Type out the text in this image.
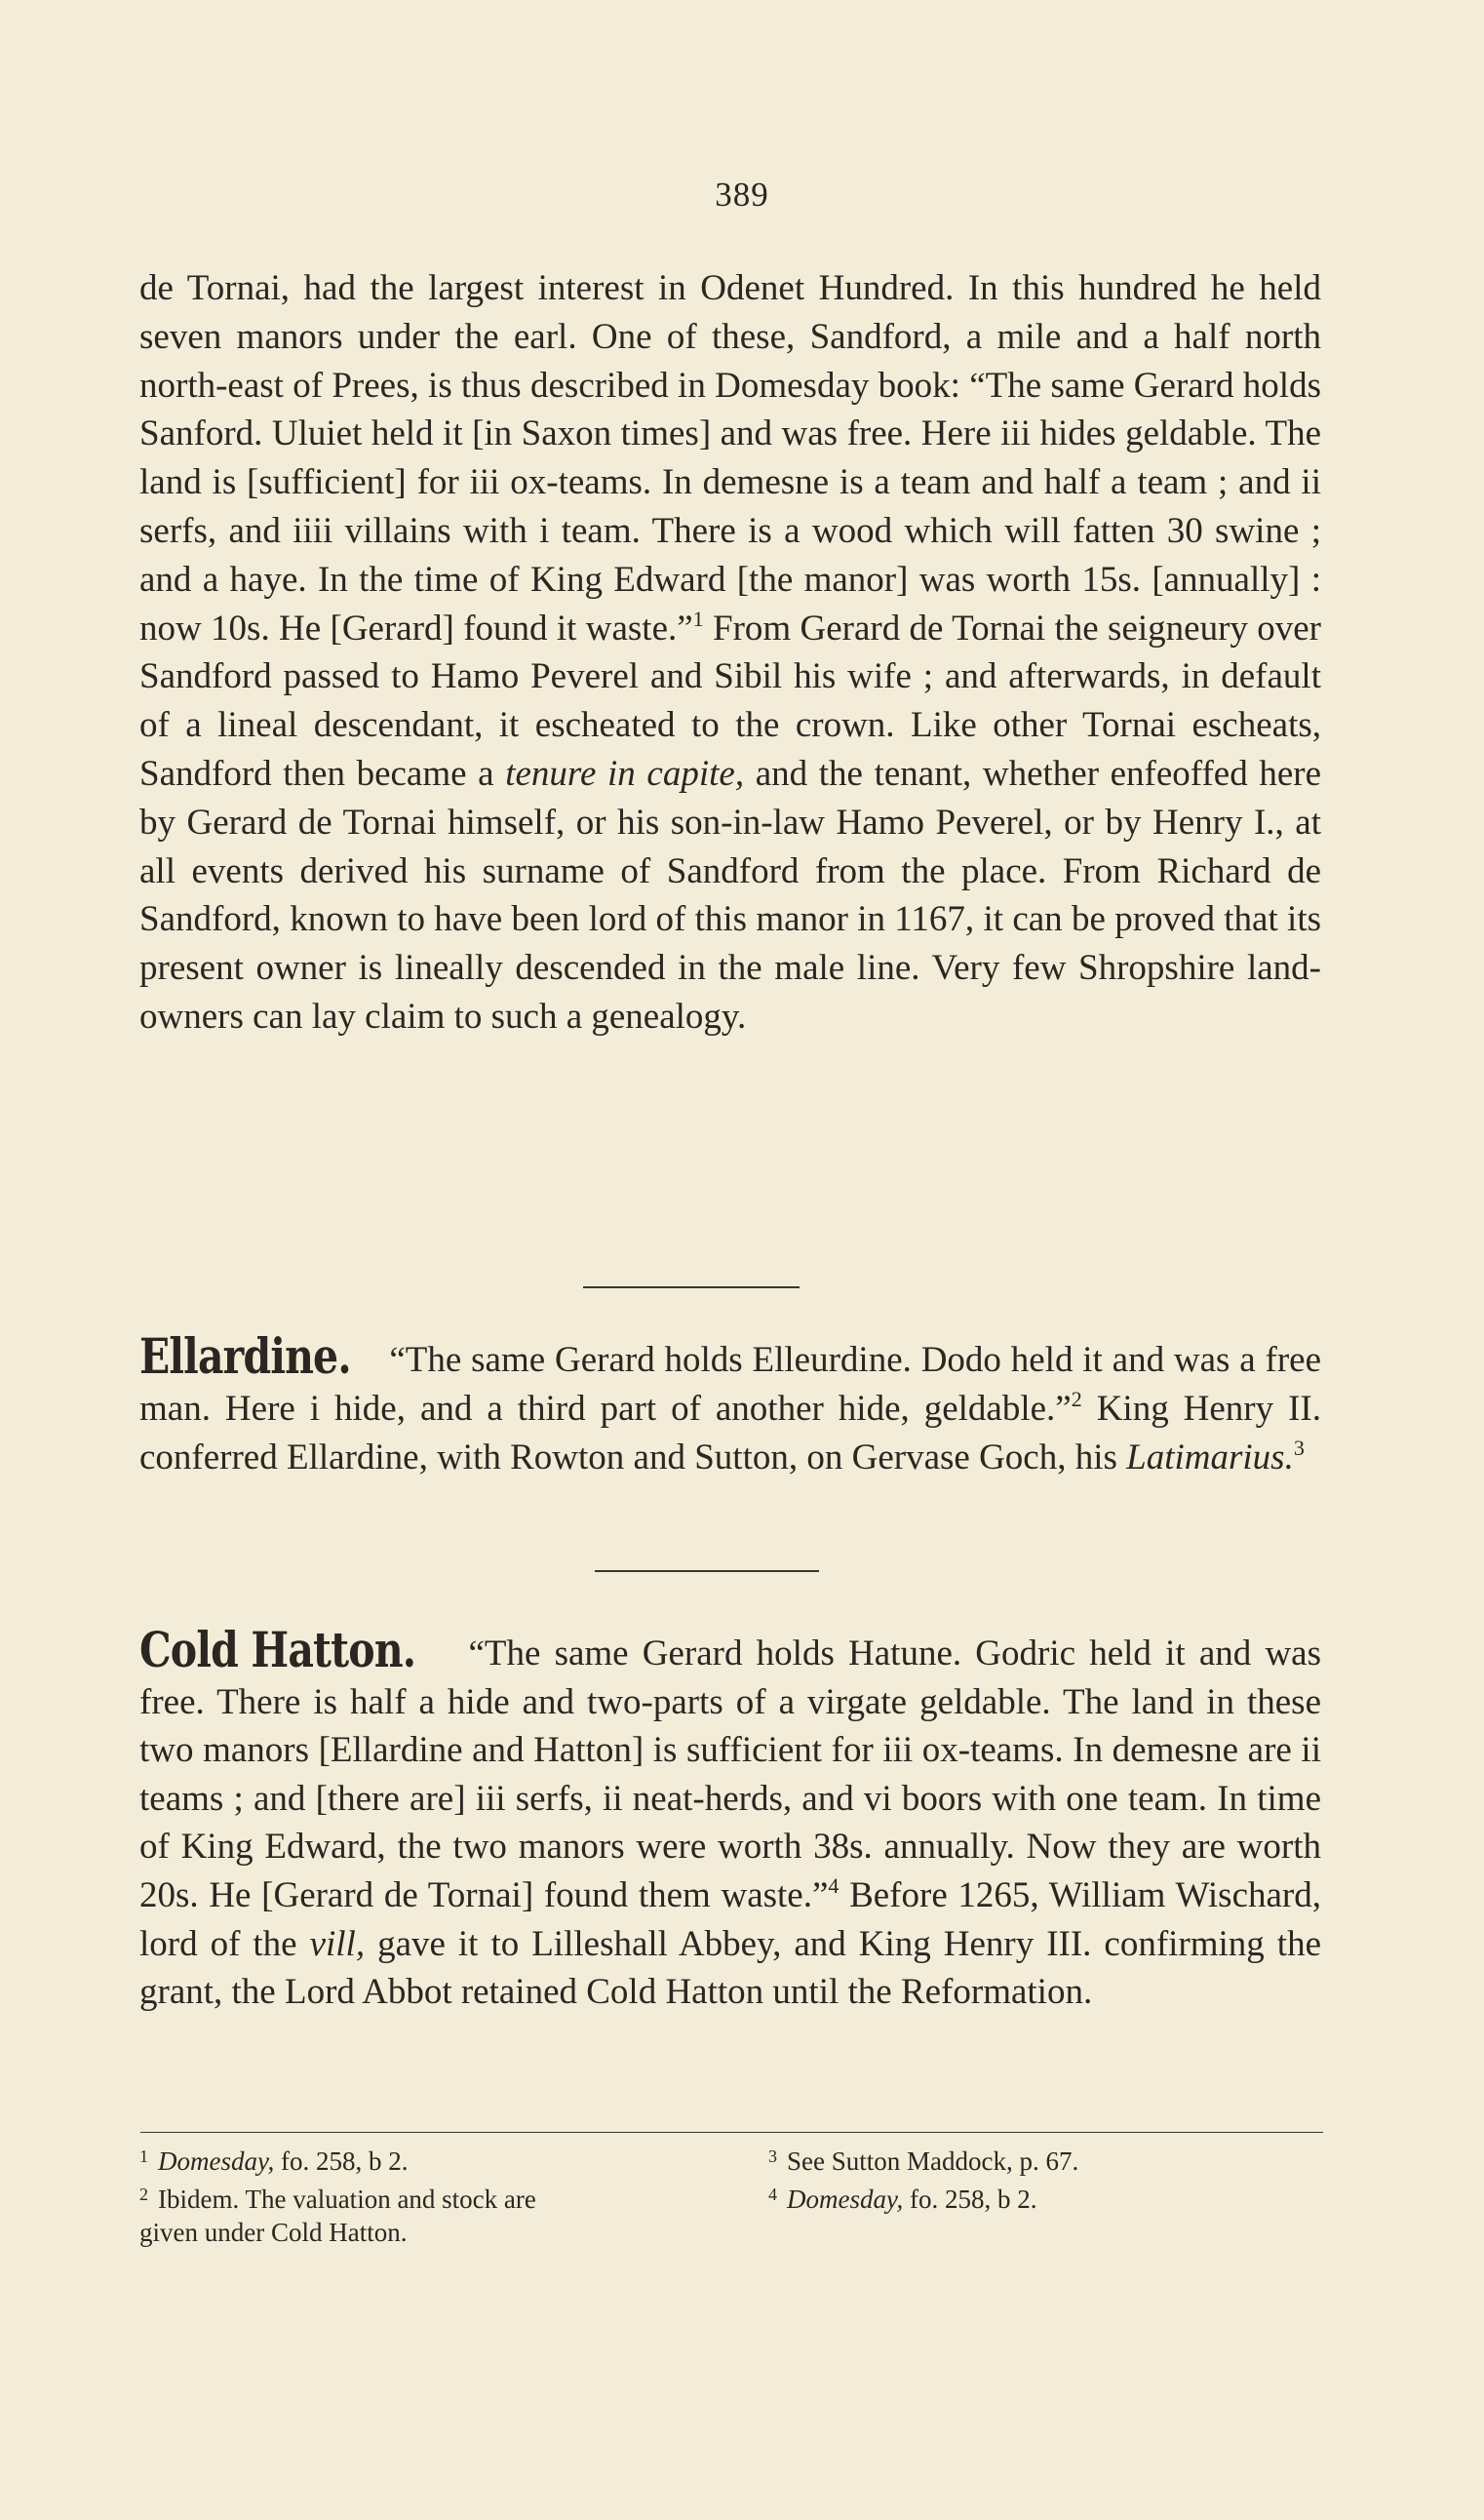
389
de Tornai, had the largest interest in Odenet Hundred. In this hundred he held seven manors under the earl. One of these, Sandford, a mile and a half north north-east of Prees, is thus described in Domesday book: “The same Gerard holds Sanford. Uluiet held it [in Saxon times] and was free. Here iii hides geldable. The land is [sufficient] for iii ox-teams. In demesne is a team and half a team ; and ii serfs, and iiii villains with i team. There is a wood which will fatten 30 swine ; and a haye. In the time of King Edward [the manor] was worth 15s. [annually] : now 10s. He [Gerard] found it waste.”$^1$ From Gerard de Tornai the seigneury over Sandford passed to Hamo Peverel and Sibil his wife ; and afterwards, in default of a lineal descendant, it escheated to the crown. Like other Tornai escheats, Sandford then became a tenure in capite, and the tenant, whether enfeoffed here by Gerard de Tornai himself, or his son-in-law Hamo Peverel, or by Henry I., at all events derived his surname of Sandford from the place. From Richard de Sandford, known to have been lord of this manor in 1167, it can be proved that its present owner is lineally descended in the male line. Very few Shropshire land-owners can lay claim to such a genealogy.
Ellardine. “The same Gerard holds Elleurdine. Dodo held it and was a free man. Here i hide, and a third part of another hide, geldable.”$^2$ King Henry II. conferred Ellardine, with Rowton and Sutton, on Gervase Goch, his Latimarius.$^3$
Cold Hatton. “The same Gerard holds Hatune. Godric held it and was free. There is half a hide and two-parts of a virgate geldable. The land in these two manors [Ellardine and Hatton] is sufficient for iii ox-teams. In demesne are ii teams ; and [there are] iii serfs, ii neat-herds, and vi boors with one team. In time of King Edward, the two manors were worth 38s. annually. Now they are worth 20s. He [Gerard de Tornai] found them waste.”$^4$ Before 1265, William Wischard, lord of the vill, gave it to Lilleshall Abbey, and King Henry III. confirming the grant, the Lord Abbot retained Cold Hatton until the Reformation.
$^1$ Domesday, fo. 258, b 2.
$^2$ Ibidem. The valuation and stock are
given under Cold Hatton.
$^3$ See Sutton Maddock, p. 67.
$^4$ Domesday, fo. 258, b 2.
